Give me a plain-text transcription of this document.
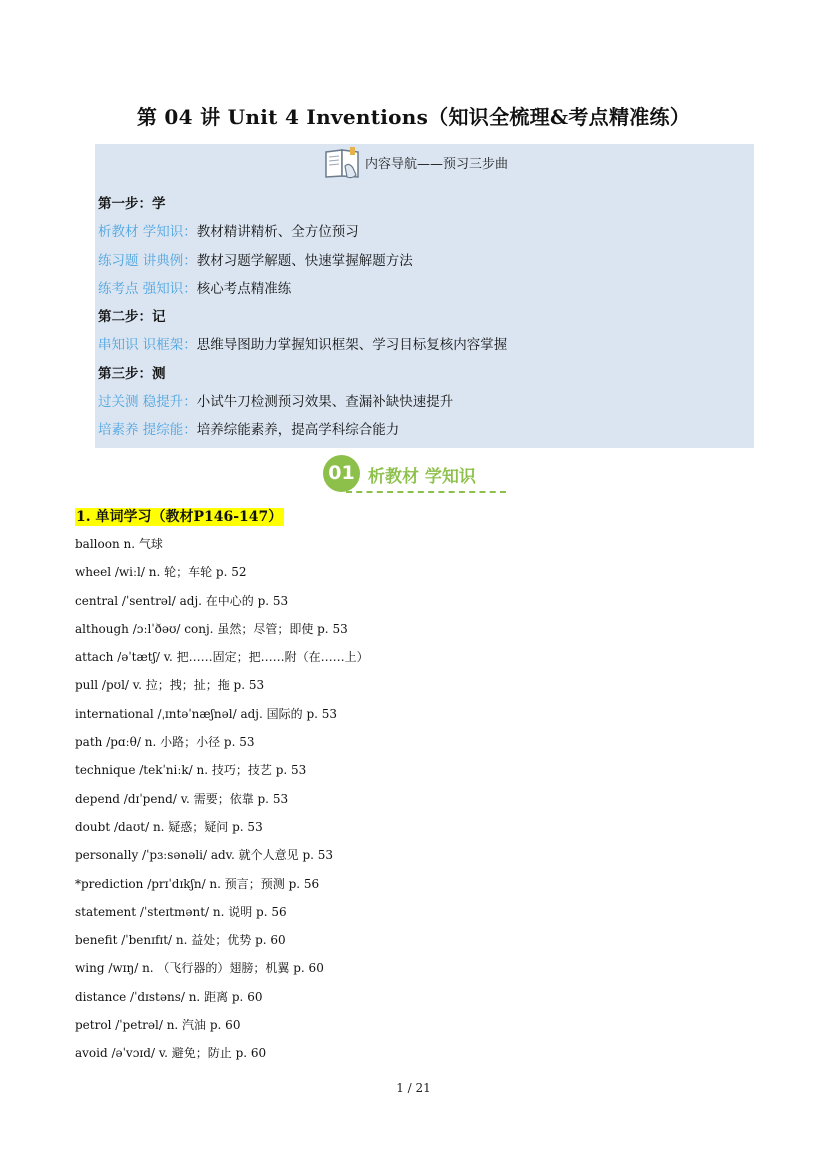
第 04 讲 Unit 4 Inventions（知识全梳理&考点精准练）
内容导航——预习三步曲
第一步：学
析教材 学知识：教材精讲精析、全方位预习
练习题 讲典例：教材习题学解题、快速掌握解题方法
练考点 强知识：核心考点精准练
第二步：记
串知识 识框架：思维导图助力掌握知识框架、学习目标复核内容掌握
第三步：测
过关测 稳提升：小试牛刀检测预习效果、查漏补缺快速提升
培素养 提综能：培养综能素养，提高学科综合能力
01 析教材 学知识
1. 单词学习（教材P146-147）
balloon n. 气球
wheel /wiːl/ n. 轮；车轮 p. 52
central /ˈsentrəl/ adj. 在中心的 p. 53
although /ɔːlˈðəʊ/ conj. 虽然；尽管；即使 p. 53
attach /əˈtætʃ/ v. 把……固定；把……附（在……上）
pull /pʊl/ v. 拉；拽；扯；拖 p. 53
international /ˌɪntəˈnæʃnəl/ adj. 国际的 p. 53
path /pɑːθ/ n. 小路；小径 p. 53
technique /tekˈniːk/ n. 技巧；技艺 p. 53
depend /dɪˈpend/ v. 需要；依靠 p. 53
doubt /daʊt/ n. 疑惑；疑问 p. 53
personally /ˈpɜːsənəli/ adv. 就个人意见 p. 53
*prediction /prɪˈdɪkʃn/ n. 预言；预测 p. 56
statement /ˈsteɪtmənt/ n. 说明 p. 56
benefit /ˈbenɪfɪt/ n. 益处；优势 p. 60
wing /wɪŋ/ n. （飞行器的）翅膀；机翼 p. 60
distance /ˈdɪstəns/ n. 距离 p. 60
petrol /ˈpetrəl/ n. 汽油 p. 60
avoid /əˈvɔɪd/ v. 避免；防止 p. 60
1 / 21
